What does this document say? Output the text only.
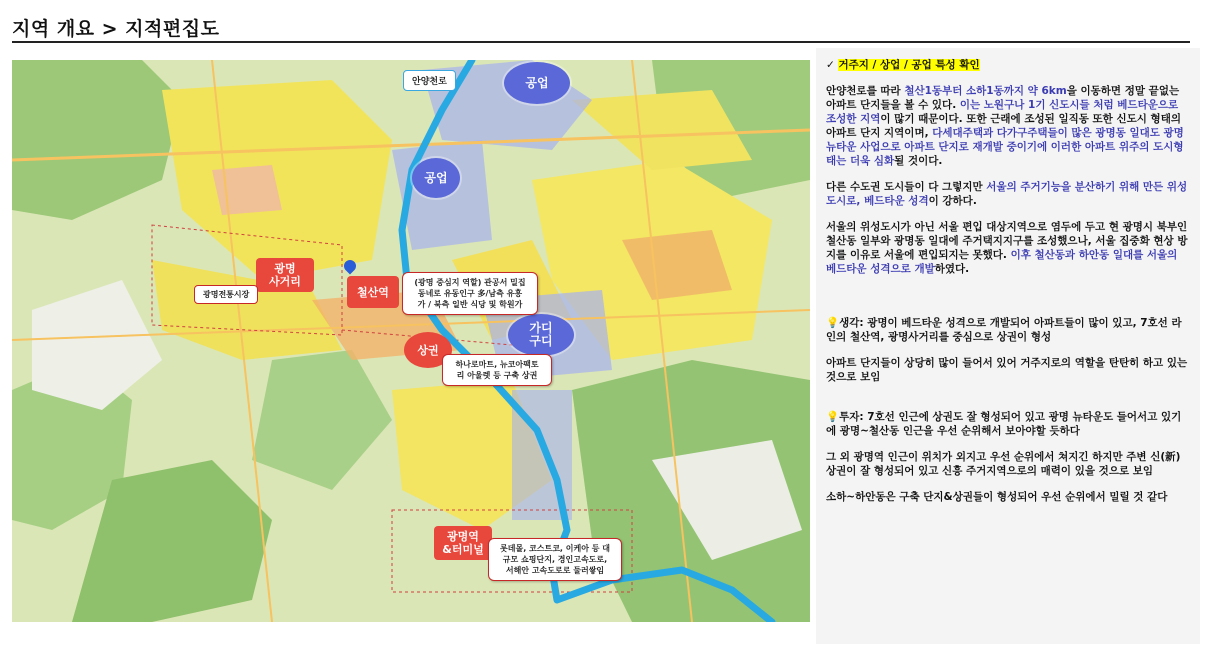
지역 개요 > 지적편집도
안양천로	공업
공업
가디
구디
광명
사거리
철산역
상권
광명역
&터미널
광명전통시장
(광명 중심지 역할) 관공서 밀집
동네로 유동인구 多/남측 유흥
가 / 북측 일반 식당 및 학원가
하나로마트, 뉴코아팩토
리 아울렛 등 구축 상권
롯데몰, 코스트코, 이케아 등 대
규모 쇼핑단지, 경인고속도로,
서해안 고속도로로 둘러쌓임
✓ 거주지 / 상업 / 공업 특성 확인

안양천로를 따라 철산1동부터 소하1동까지 약 6km을 이동하면 정말 끝없는 아파트 단지들을 볼 수 있다. 이는 노원구나 1기 신도시들 처럼 베드타운으로 조성한 지역이 많기 때문이다. 또한 근래에 조성된 일직동 또한 신도시 형태의 아파트 단지 지역이며, 다세대주택과 다가구주택들이 많은 광명동 일대도 광명뉴타운 사업으로 아파트 단지로 재개발 중이기에 이러한 아파트 위주의 도시형태는 더욱 심화될 것이다.

다른 수도권 도시들이 다 그렇지만 서울의 주거기능을 분산하기 위해 만든 위성도시로, 베드타운 성격이 강하다.

서울의 위성도시가 아닌 서울 편입 대상지역으로 염두에 두고 현 광명시 북부인 철산동 일부와 광명동 일대에 주거택지지구를 조성했으나, 서울 집중화 현상 방지를 이유로 서울에 편입되지는 못했다. 이후 철산동과 하안동 일대를 서울의 베드타운 성격으로 개발하였다.

💡생각: 광명이 베드타운 성격으로 개발되어 아파트들이 많이 있고, 7호선 라인의 철산역, 광명사거리를 중심으로 상권이 형성

아파트 단지들이 상당히 많이 들어서 있어 거주지로의 역할을 탄탄히 하고 있는 것으로 보임

💡투자: 7호선 인근에 상권도 잘 형성되어 있고 광명 뉴타운도 들어서고 있기에 광명~철산동 인근을 우선 순위해서 보아야할 듯하다

그 외 광명역 인근이 위치가 외지고 우선 순위에서 쳐지긴 하지만 주변 신(新)상권이 잘 형성되어 있고 신흥 주거지역으로의 매력이 있을 것으로 보임

소하~하안동은 구축 단지&상권들이 형성되어 우선 순위에서 밀릴 것 같다
